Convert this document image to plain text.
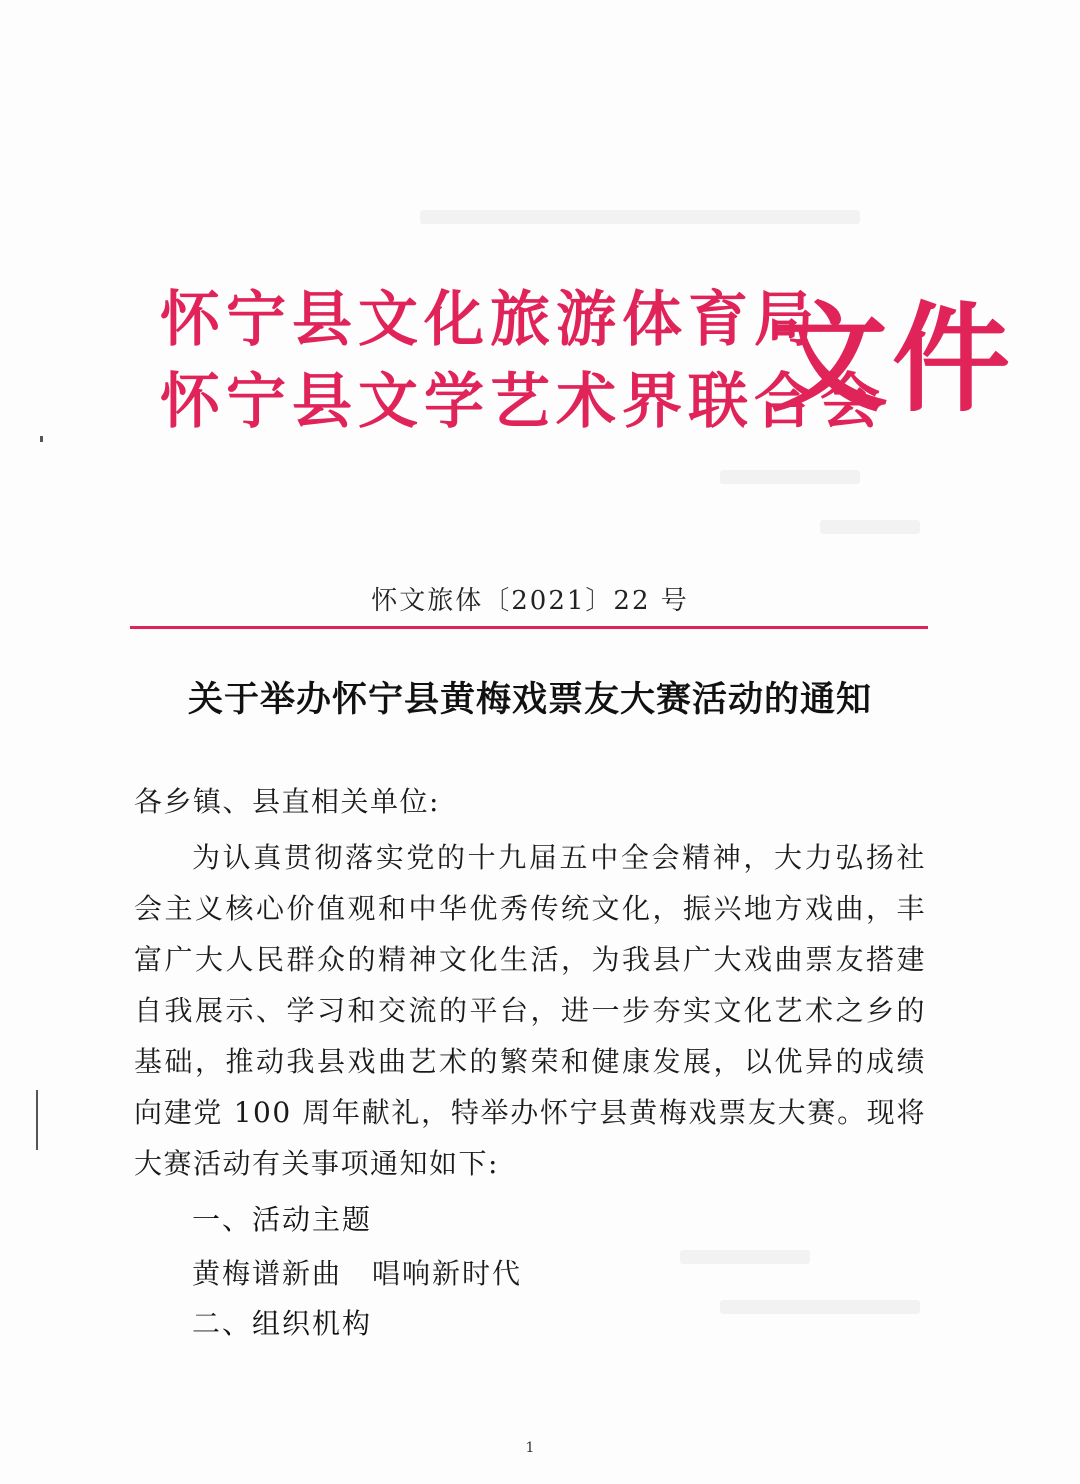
怀宁县文化旅游体育局
怀宁县文学艺术界联合会
文件
怀文旅体〔2021〕22 号
关于举办怀宁县黄梅戏票友大赛活动的通知
各乡镇、县直相关单位:
为认真贯彻落实党的十九届五中全会精神，大力弘扬社会主义核心价值观和中华优秀传统文化，振兴地方戏曲，丰富广大人民群众的精神文化生活，为我县广大戏曲票友搭建自我展示、学习和交流的平台，进一步夯实文化艺术之乡的基础，推动我县戏曲艺术的繁荣和健康发展，以优异的成绩向建党 100 周年献礼，特举办怀宁县黄梅戏票友大赛。现将大赛活动有关事项通知如下:
一、活动主题
黄梅谱新曲　唱响新时代
二、组织机构
1
